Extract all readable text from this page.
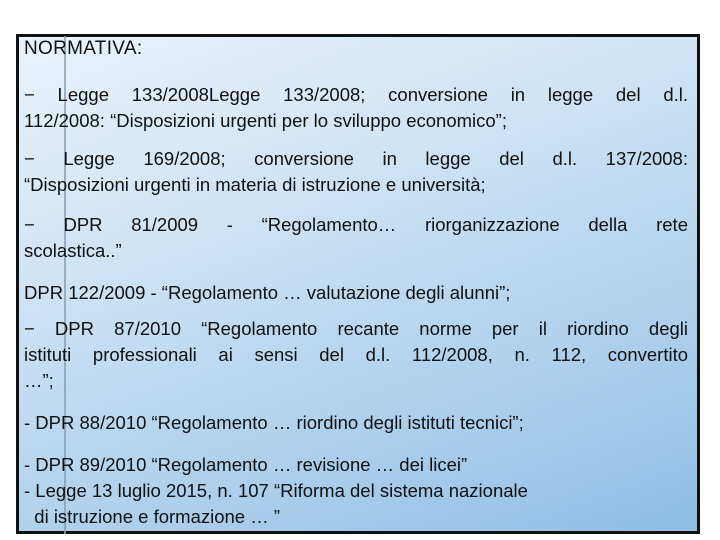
NORMATIVA:
− Legge 133/2008Legge 133/2008; conversione in legge del d.l.
112/2008: “Disposizioni urgenti per lo sviluppo economico”;
− Legge 169/2008; conversione in legge del d.l. 137/2008:
“Disposizioni urgenti in materia di istruzione e università;
− DPR 81/2009 - “Regolamento… riorganizzazione della rete
scolastica..”
DPR 122/2009 - “Regolamento … valutazione degli alunni”;
− DPR 87/2010 “Regolamento recante norme per il riordino degli
istituti professionali ai sensi del d.l. 112/2008, n. 112, convertito
…”;
- DPR 88/2010 “Regolamento … riordino degli istituti tecnici”;
- DPR 89/2010 “Regolamento … revisione … dei licei”
- Legge 13 luglio 2015, n. 107 “Riforma del sistema nazionale
di istruzione e formazione … ”
